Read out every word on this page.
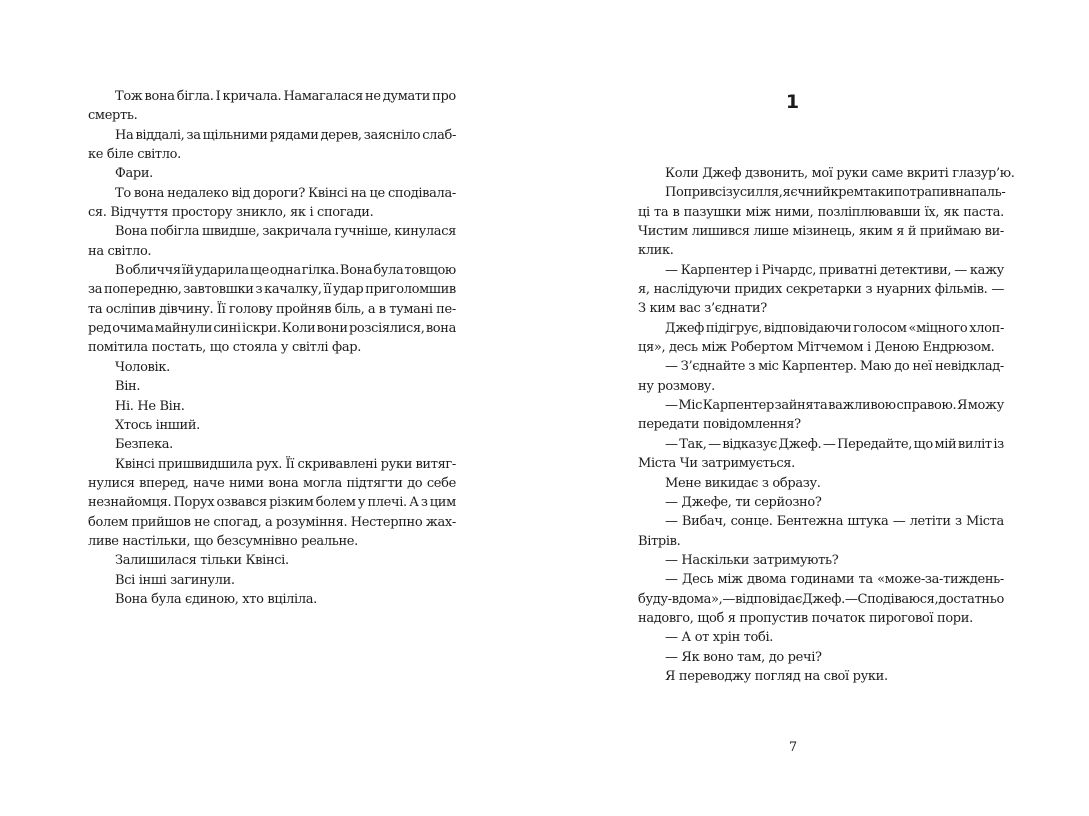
Тож вона бігла. І кричала. Намагалася не думати про
смерть.
На віддалі, за щільними рядами дерев, заясніло слаб-
ке біле світло.
Фари.
То вона недалеко від дороги? Квінсі на це сподівала-
ся. Відчуття простору зникло, як і спогади.
Вона побігла швидше, закричала гучніше, кинулася
на світло.
В обличчя їй ударила ще одна гілка. Вона була товщою
за попередню, завтовшки з качалку, її удар приголомшив
та осліпив дівчину. Її голову пройняв біль, а в тумані пе-
ред очима майнули сині іскри. Коли вони розсіялися, вона
помітила постать, що стояла у світлі фар.
Чоловік.
Він.
Ні. Не Він.
Хтось інший.
Безпека.
Квінсі пришвидшила рух. Її скривавлені руки витяг-
нулися вперед, наче ними вона могла підтягти до себе
незнайомця. Порух озвався різким болем у плечі. А з цим
болем прийшов не спогад, а розуміння. Нестерпно жах-
ливе настільки, що безсумнівно реальне.
Залишилася тільки Квінсі.
Всі інші загинули.
Вона була єдиною, хто вціліла.
1
Коли Джеф дзвонить, мої руки саме вкриті глазур’ю.
Попри всі зусилля, яєчний крем таки потрапив на паль-
ці та в пазушки між ними, позліплювавши їх, як паста.
Чистим лишився лише мізинець, яким я й приймаю ви-
клик.
— Карпентер і Річардс, приватні детективи, — кажу
я, наслідуючи придих секретарки з нуарних фільмів. —
З ким вас з’єднати?
Джеф підігрує, відповідаючи голосом «міцного хлоп-
ця», десь між Робертом Мітчемом і Деною Ендрюзом.
— З’єднайте з міс Карпентер. Маю до неї невідклад-
ну розмову.
— Міс Карпентер зайнята важливою справою. Я можу
передати повідомлення?
— Так, — відказує Джеф. — Передайте, що мій виліт із
Міста Чи затримується.
Мене викидає з образу.
— Джефе, ти серйозно?
— Вибач, сонце. Бентежна штука — летіти з Міста
Вітрів.
— Наскільки затримують?
— Десь між двома годинами та «може-за-тиждень-
буду-вдома», — відповідає Джеф. — Сподіваюся, достатньо
надовго, щоб я пропустив початок пирогової пори.
— А от хрін тобі.
— Як воно там, до речі?
Я переводжу погляд на свої руки.
7
